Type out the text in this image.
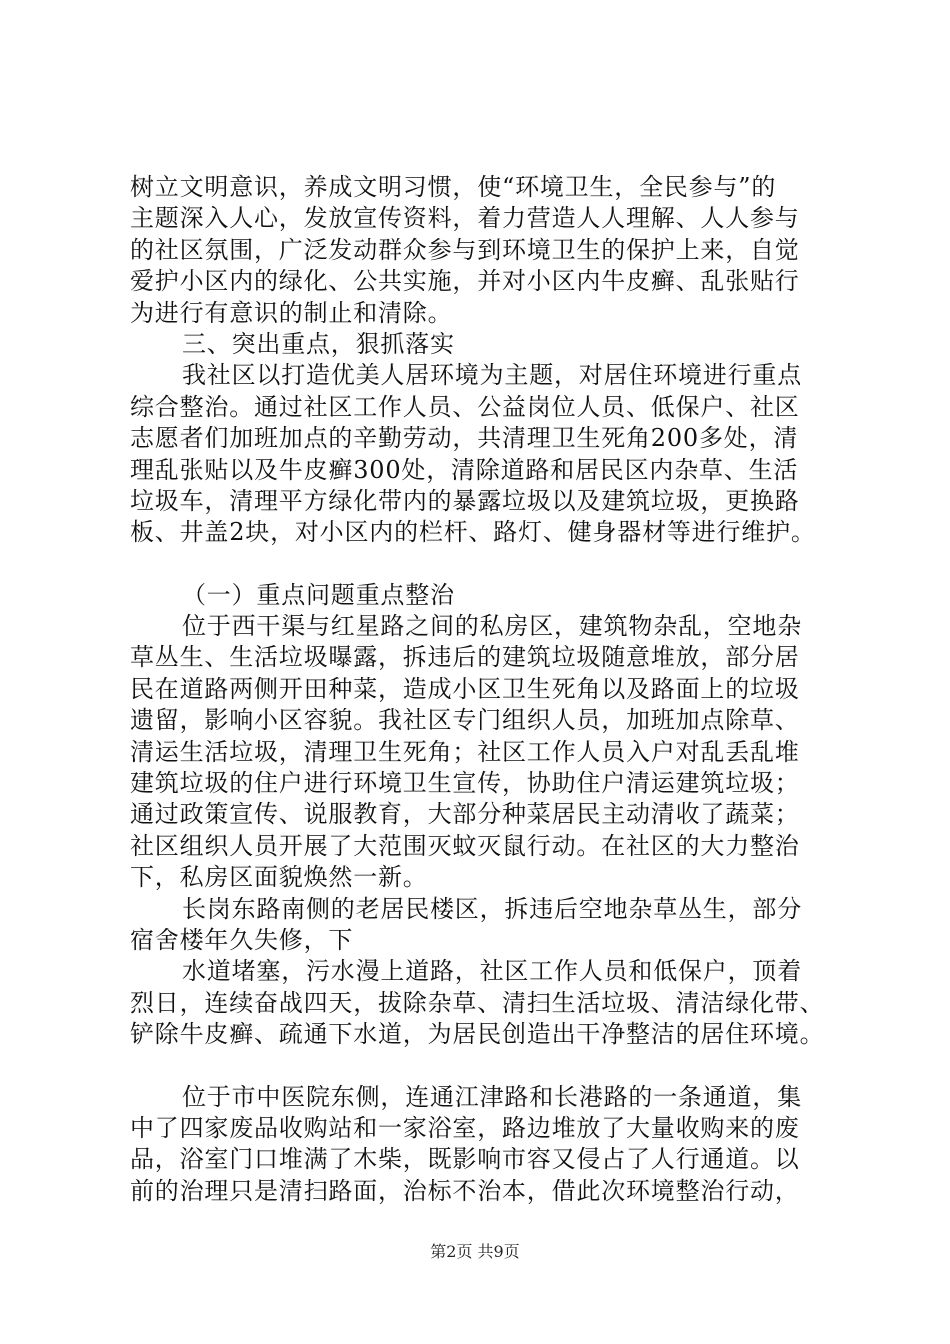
树立文明意识，养成文明习惯，使“环境卫生，全民参与”的
主题深入人心，发放宣传资料，着力营造人人理解、人人参与
的社区氛围，广泛发动群众参与到环境卫生的保护上来，自觉
爱护小区内的绿化、公共实施，并对小区内牛皮癣、乱张贴行
为进行有意识的制止和清除。
三、突出重点，狠抓落实
我社区以打造优美人居环境为主题，对居住环境进行重点
综合整治。通过社区工作人员、公益岗位人员、低保户、社区
志愿者们加班加点的辛勤劳动，共清理卫生死角200多处，清
理乱张贴以及牛皮癣300处，清除道路和居民区内杂草、生活
垃圾车，清理平方绿化带内的暴露垃圾以及建筑垃圾，更换路
板、井盖2块，对小区内的栏杆、路灯、健身器材等进行维护。
（一）重点问题重点整治
位于西干渠与红星路之间的私房区，建筑物杂乱，空地杂
草丛生、生活垃圾曝露，拆违后的建筑垃圾随意堆放，部分居
民在道路两侧开田种菜，造成小区卫生死角以及路面上的垃圾
遗留，影响小区容貌。我社区专门组织人员，加班加点除草、
清运生活垃圾，清理卫生死角；社区工作人员入户对乱丢乱堆
建筑垃圾的住户进行环境卫生宣传，协助住户清运建筑垃圾；
通过政策宣传、说服教育，大部分种菜居民主动清收了蔬菜；
社区组织人员开展了大范围灭蚊灭鼠行动。在社区的大力整治
下，私房区面貌焕然一新。
长岗东路南侧的老居民楼区，拆违后空地杂草丛生，部分
宿舍楼年久失修，下
水道堵塞，污水漫上道路，社区工作人员和低保户，顶着
烈日，连续奋战四天，拔除杂草、清扫生活垃圾、清洁绿化带、
铲除牛皮癣、疏通下水道，为居民创造出干净整洁的居住环境。
位于市中医院东侧，连通江津路和长港路的一条通道，集
中了四家废品收购站和一家浴室，路边堆放了大量收购来的废
品，浴室门口堆满了木柴，既影响市容又侵占了人行通道。以
前的治理只是清扫路面，治标不治本，借此次环境整治行动，
第2页 共9页
